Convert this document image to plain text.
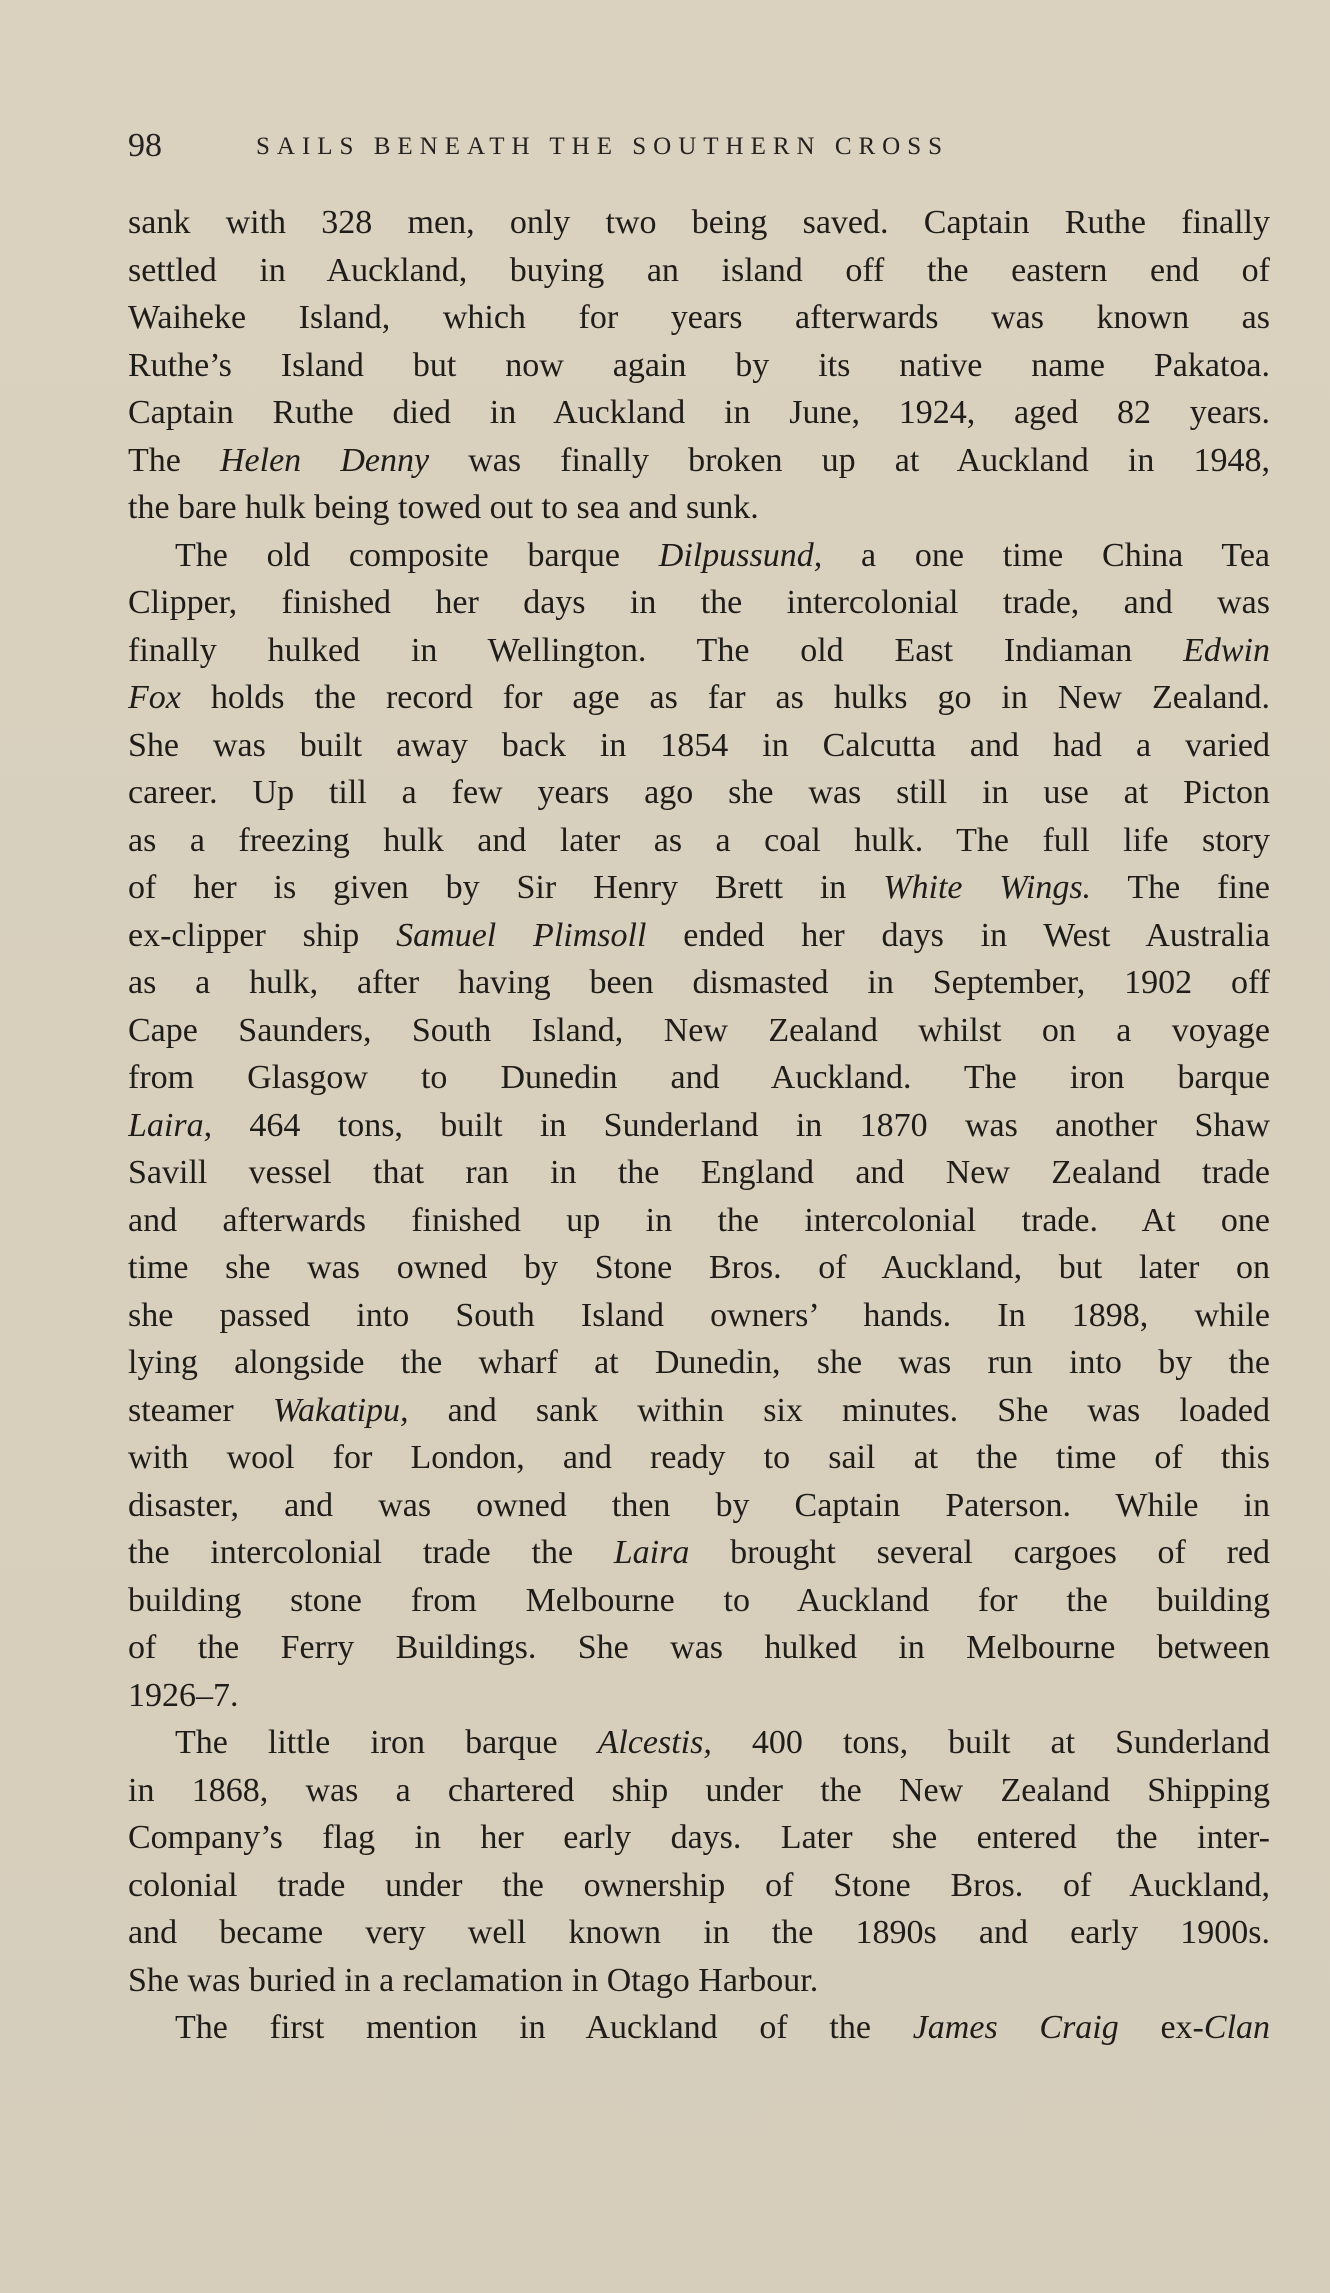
98	SAILS BENEATH THE SOUTHERN CROSS
sank with 328 men, only two being saved. Captain Ruthe finally
settled in Auckland, buying an island off the eastern end of
Waiheke Island, which for years afterwards was known as
Ruthe’s Island but now again by its native name Pakatoa.
Captain Ruthe died in Auckland in June, 1924, aged 82 years.
The Helen Denny was finally broken up at Auckland in 1948,
the bare hulk being towed out to sea and sunk.
The old composite barque Dilpussund, a one time China Tea
Clipper, finished her days in the intercolonial trade, and was
finally hulked in Wellington. The old East Indiaman Edwin
Fox holds the record for age as far as hulks go in New Zealand.
She was built away back in 1854 in Calcutta and had a varied
career. Up till a few years ago she was still in use at Picton
as a freezing hulk and later as a coal hulk. The full life story
of her is given by Sir Henry Brett in White Wings. The fine
ex-clipper ship Samuel Plimsoll ended her days in West Australia
as a hulk, after having been dismasted in September, 1902 off
Cape Saunders, South Island, New Zealand whilst on a voyage
from Glasgow to Dunedin and Auckland. The iron barque
Laira, 464 tons, built in Sunderland in 1870 was another Shaw
Savill vessel that ran in the England and New Zealand trade
and afterwards finished up in the intercolonial trade. At one
time she was owned by Stone Bros. of Auckland, but later on
she passed into South Island owners’ hands. In 1898, while
lying alongside the wharf at Dunedin, she was run into by the
steamer Wakatipu, and sank within six minutes. She was loaded
with wool for London, and ready to sail at the time of this
disaster, and was owned then by Captain Paterson. While in
the intercolonial trade the Laira brought several cargoes of red
building stone from Melbourne to Auckland for the building
of the Ferry Buildings. She was hulked in Melbourne between
1926–7.
The little iron barque Alcestis, 400 tons, built at Sunderland
in 1868, was a chartered ship under the New Zealand Shipping
Company’s flag in her early days. Later she entered the inter-
colonial trade under the ownership of Stone Bros. of Auckland,
and became very well known in the 1890s and early 1900s.
She was buried in a reclamation in Otago Harbour.
The first mention in Auckland of the James Craig ex-Clan
